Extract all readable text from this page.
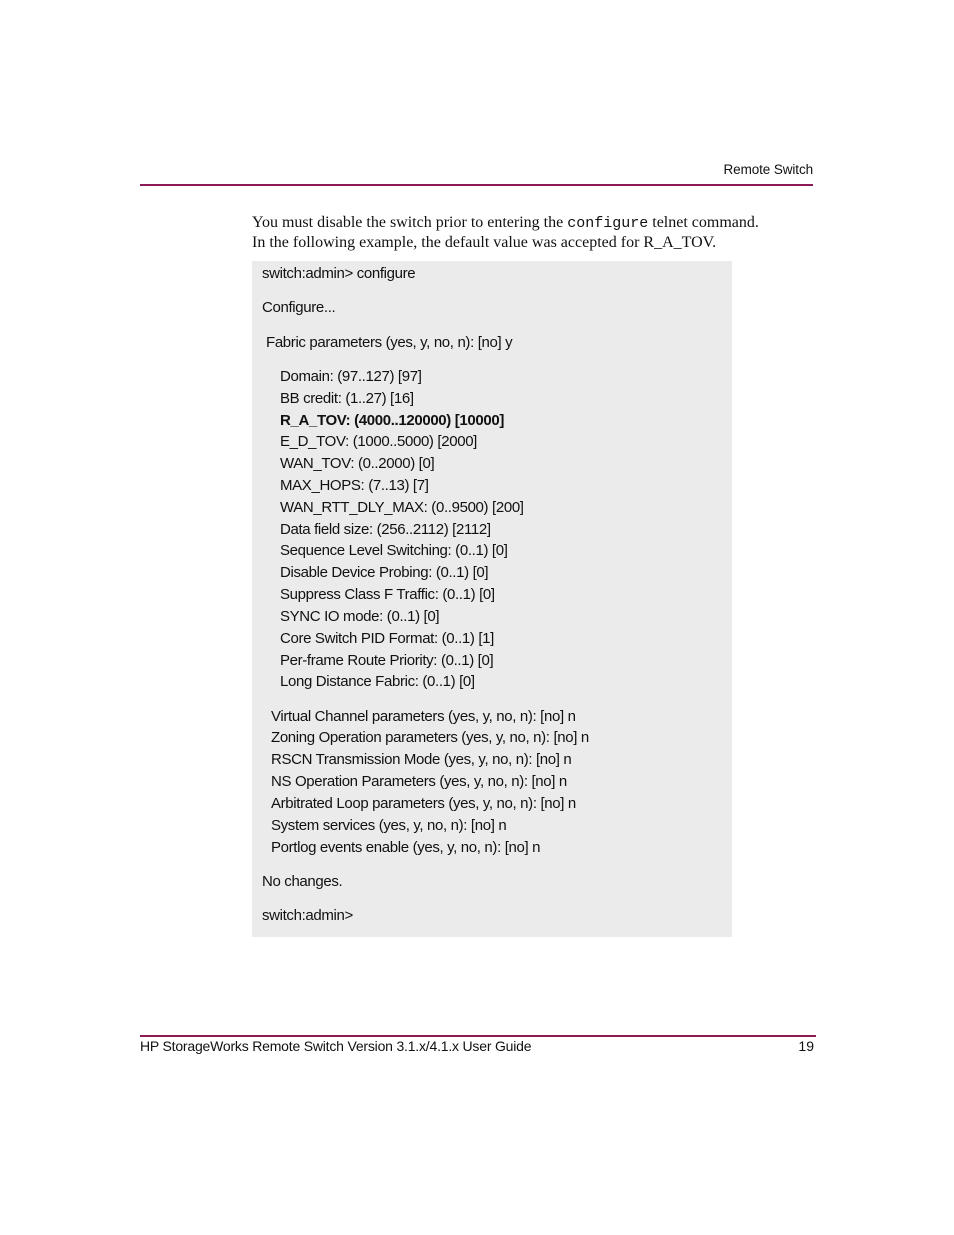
Remote Switch
You must disable the switch prior to entering the configure telnet command.
In the following example, the default value was accepted for R_A_TOV.
switch:admin> configure
Configure...
Fabric parameters (yes, y, no, n): [no] y
Domain: (97..127) [97]
BB credit: (1..27) [16]
R_A_TOV: (4000..120000) [10000]
E_D_TOV: (1000..5000) [2000]
WAN_TOV: (0..2000) [0]
MAX_HOPS: (7..13) [7]
WAN_RTT_DLY_MAX: (0..9500) [200]
Data field size: (256..2112) [2112]
Sequence Level Switching: (0..1) [0]
Disable Device Probing: (0..1) [0]
Suppress Class F Traffic: (0..1) [0]
SYNC IO mode: (0..1) [0]
Core Switch PID Format: (0..1) [1]
Per-frame Route Priority: (0..1) [0]
Long Distance Fabric: (0..1) [0]
Virtual Channel parameters (yes, y, no, n): [no] n
Zoning Operation parameters (yes, y, no, n): [no] n
RSCN Transmission Mode (yes, y, no, n): [no] n
NS Operation Parameters (yes, y, no, n): [no] n
Arbitrated Loop parameters (yes, y, no, n): [no] n
System services (yes, y, no, n): [no] n
Portlog events enable (yes, y, no, n): [no] n
No changes.
switch:admin>
HP StorageWorks Remote Switch Version 3.1.x/4.1.x User Guide	19
